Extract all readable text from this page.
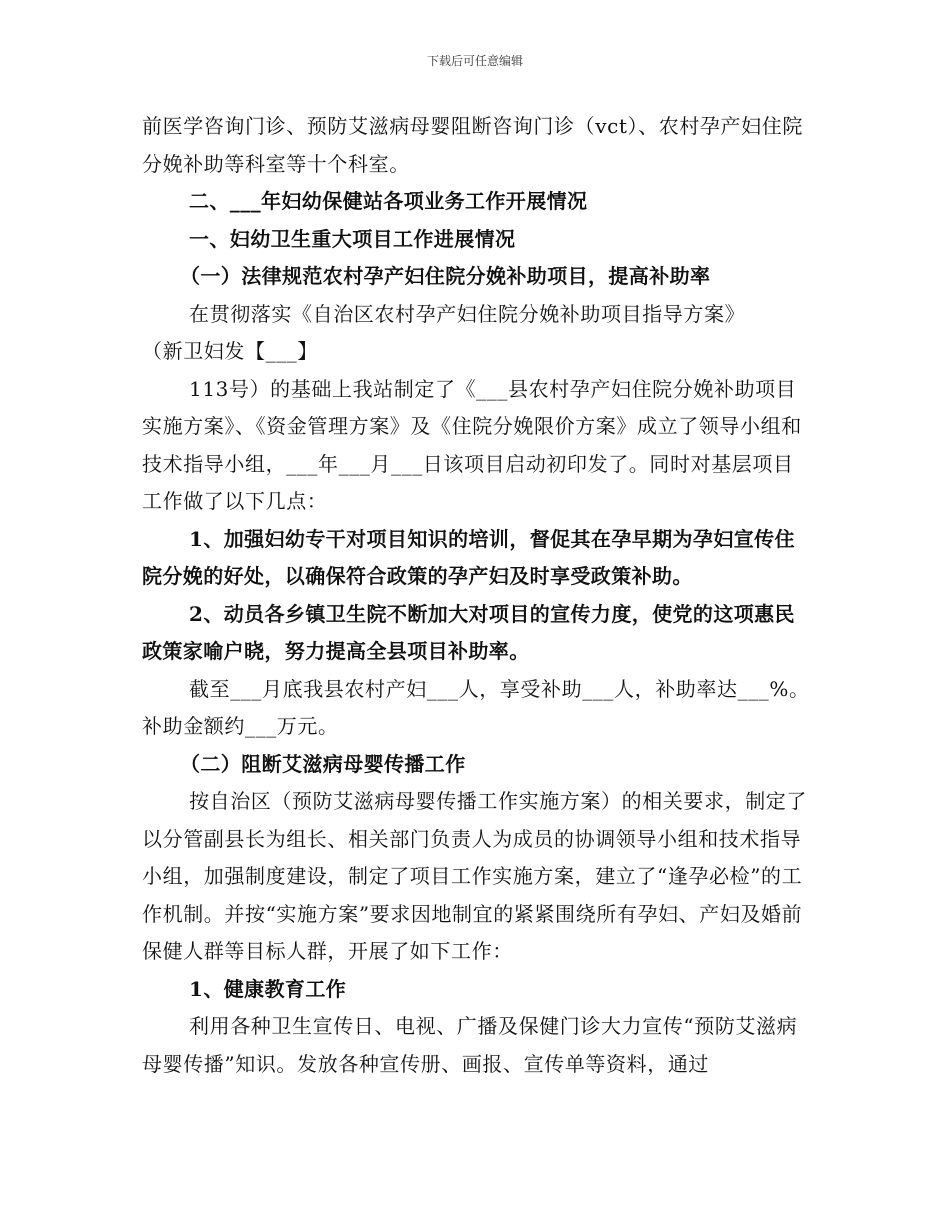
下载后可任意编辑

前医学咨询门诊、预防艾滋病母婴阻断咨询门诊（vct）、农村孕产妇住院分娩补助等科室等十个科室。

二、___年妇幼保健站各项业务工作开展情况

一、妇幼卫生重大项目工作进展情况

（一）法律规范农村孕产妇住院分娩补助项目，提高补助率

在贯彻落实《自治区农村孕产妇住院分娩补助项目指导方案》

（新卫妇发【___】

113号）的基础上我站制定了《___县农村孕产妇住院分娩补助项目实施方案》、《资金管理方案》及《住院分娩限价方案》成立了领导小组和技术指导小组，___年___月___日该项目启动初印发了。同时对基层项目工作做了以下几点：

1、加强妇幼专干对项目知识的培训，督促其在孕早期为孕妇宣传住院分娩的好处，以确保符合政策的孕产妇及时享受政策补助。

2、动员各乡镇卫生院不断加大对项目的宣传力度，使党的这项惠民政策家喻户晓，努力提高全县项目补助率。

截至___月底我县农村产妇___人，享受补助___人，补助率达___%。补助金额约___万元。

（二）阻断艾滋病母婴传播工作

按自治区（预防艾滋病母婴传播工作实施方案）的相关要求，制定了以分管副县长为组长、相关部门负责人为成员的协调领导小组和技术指导小组，加强制度建设，制定了项目工作实施方案，建立了“逢孕必检”的工作机制。并按“实施方案”要求因地制宜的紧紧围绕所有孕妇、产妇及婚前保健人群等目标人群，开展了如下工作：

1、健康教育工作

利用各种卫生宣传日、电视、广播及保健门诊大力宣传“预防艾滋病母婴传播”知识。发放各种宣传册、画报、宣传单等资料，通过
